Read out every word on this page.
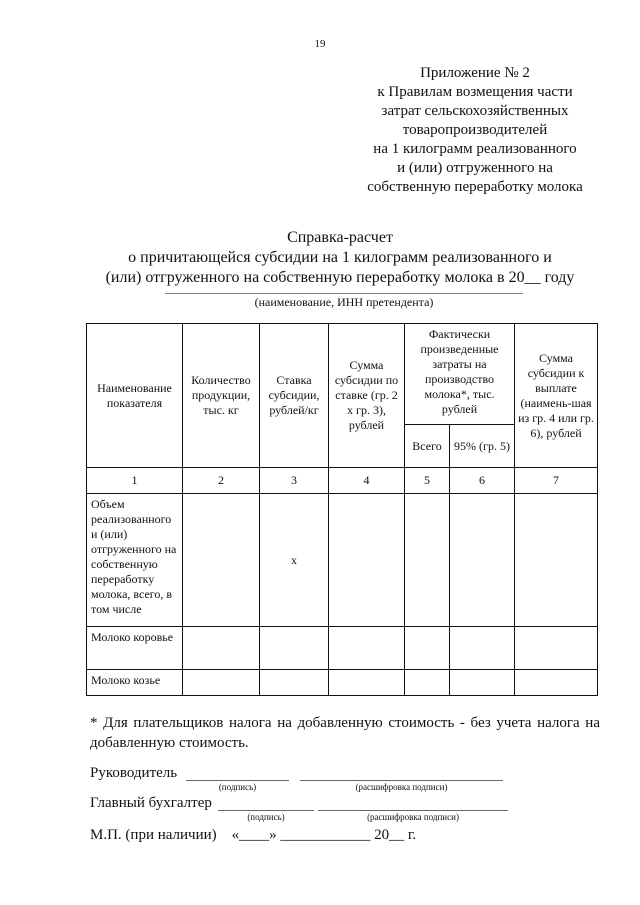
19
Приложение № 2
к Правилам возмещения части
затрат сельскохозяйственных
товаропроизводителей
на 1 килограмм реализованного
и (или) отгруженного на
собственную переработку молока
Справка-расчет
о причитающейся субсидии на 1 килограмм реализованного и
(или) отгруженного на собственную переработку молока в 20__ году
(наименование, ИНН претендента)
Наименование показателя	Количество продукции, тыс. кг	Ставка субсидии, рублей/кг	Сумма субсидии по ставке (гр. 2 х гр. 3), рублей	Фактически произведенные затраты на производство молока*, тыс. рублей		Сумма субсидии к выплате (наимень-шая из гр. 4 или гр. 6), рублей
				Всего	95% (гр. 5)	
1	2	3	4	5	6	7
Объем реализованного и (или) отгруженного на собственную переработку молока, всего, в том числе		х				
Молоко коровье						
Молоко козье						
* Для плательщиков налога на добавленную стоимость - без учета налога на добавленную стоимость.
Руководитель
(подпись)	(расшифровка подписи)
Главный бухгалтер
(подпись)	(расшифровка подписи)
М.П. (при наличии)    «____» ____________ 20__ г.
